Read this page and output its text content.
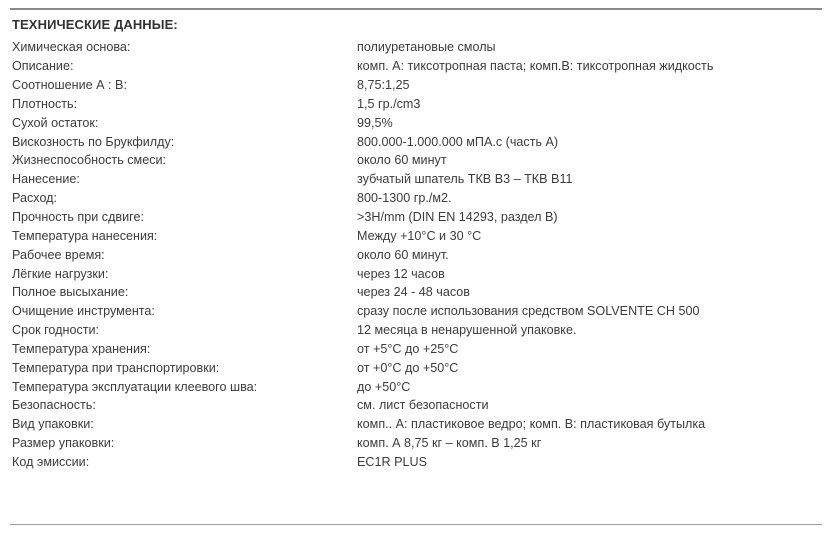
ТЕХНИЧЕСКИЕ ДАННЫЕ:
Химическая основа:	полиуретановые смолы
Описание:	комп. А: тиксотропная паста; комп.В: тиксотропная жидкость
Соотношение А : В:	8,75:1,25
Плотность:	1,5 гр./cm3
Сухой остаток:	99,5%
Вискозность по Брукфилду:	800.000-1.000.000 мПА.с (часть А)
Жизнеспособность смеси:	около 60 минут
Нанесение:	зубчатый шпатель ТКВ В3 – ТКВ В11
Расход:	800-1300 гр./м2.
Прочность при сдвиге:	>3Н/mm (DIN EN 14293, раздел В)
Температура нанесения:	Между +10°С и 30 °С
Рабочее время:	около 60 минут.
Лёгкие нагрузки:	через 12 часов
Полное высыхание:	через 24 - 48 часов
Очищение инструмента:	сразу после использования средством SOLVENTE CH 500
Срок годности:	12 месяца в ненарушенной упаковке.
Температура хранения:	от +5°С до +25°С
Температура при транспортировки:	от +0°С до +50°С
Температура эксплуатации клеевого шва:	до +50°С
Безопасность:	см. лист безопасности
Вид упаковки:	комп.. А: пластиковое ведро; комп. В: пластиковая бутылка
Размер упаковки:	комп. А 8,75 кг – комп. В 1,25 кг
Код эмиссии:	EC1R PLUS
